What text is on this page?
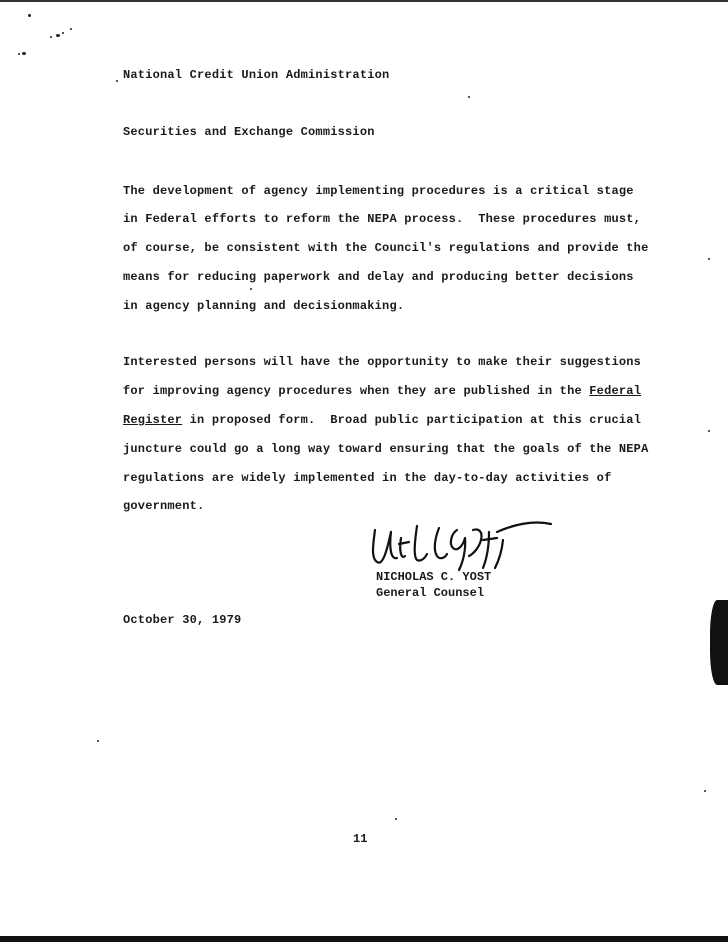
National Credit Union Administration
Securities and Exchange Commission
The development of agency implementing procedures is a critical stage
in Federal efforts to reform the NEPA process.  These procedures must,
of course, be consistent with the Council's regulations and provide the
means for reducing paperwork and delay and producing better decisions
in agency planning and decisionmaking.
Interested persons will have the opportunity to make their suggestions
for improving agency procedures when they are published in the Federal
Register in proposed form.  Broad public participation at this crucial
juncture could go a long way toward ensuring that the goals of the NEPA
regulations are widely implemented in the day-to-day activities of
government.
NICHOLAS C. YOST
General Counsel
October 30, 1979
11
